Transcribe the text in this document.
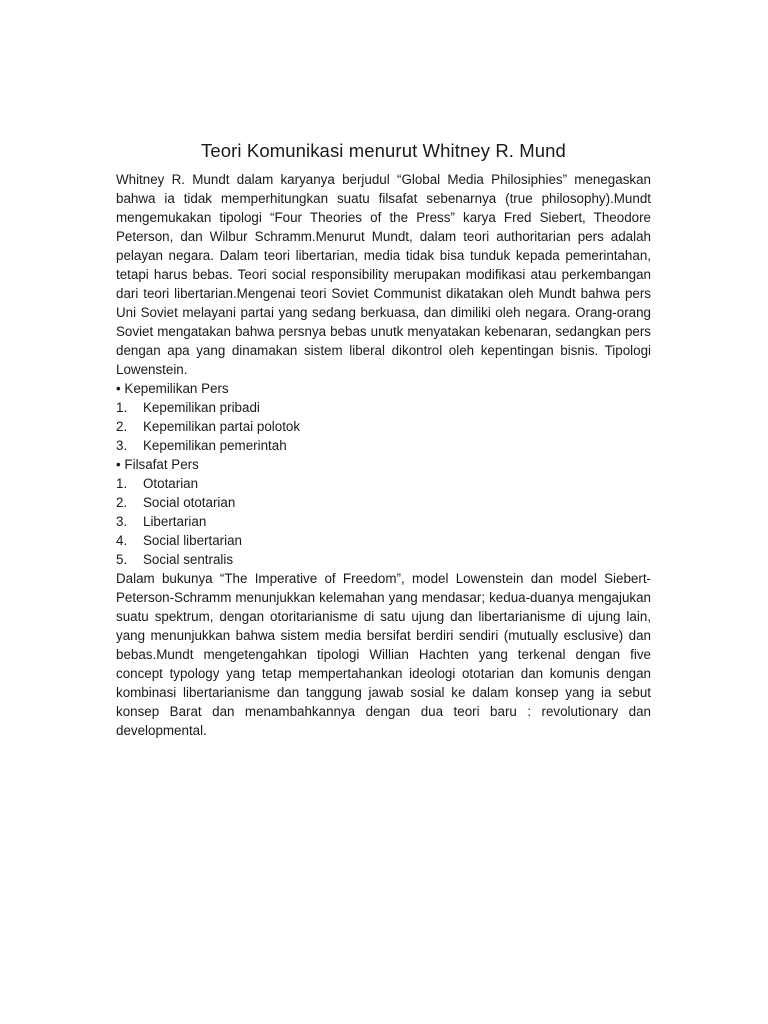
Teori Komunikasi menurut Whitney R. Mund

Whitney R. Mundt dalam karyanya berjudul “Global Media Philosiphies” menegaskan bahwa ia tidak memperhitungkan suatu filsafat sebenarnya (true philosophy).Mundt mengemukakan tipologi “Four Theories of the Press” karya Fred Siebert, Theodore Peterson, dan Wilbur Schramm.Menurut Mundt, dalam teori authoritarian pers adalah pelayan negara. Dalam teori libertarian, media tidak bisa tunduk kepada pemerintahan, tetapi harus bebas. Teori social responsibility merupakan modifikasi atau perkembangan dari teori libertarian.Mengenai teori Soviet Communist dikatakan oleh Mundt bahwa pers Uni Soviet melayani partai yang sedang berkuasa, dan dimiliki oleh negara. Orang-orang Soviet mengatakan bahwa persnya bebas unutk menyatakan kebenaran, sedangkan pers dengan apa yang dinamakan sistem liberal dikontrol oleh kepentingan bisnis. Tipologi Lowenstein.

• Kepemilikan Pers
1. Kepemilikan pribadi
2. Kepemilikan partai polotok
3. Kepemilikan pemerintah
• Filsafat Pers
1. Ototarian
2. Social ototarian
3. Libertarian
4. Social libertarian
5. Social sentralis

Dalam bukunya “The Imperative of Freedom”, model Lowenstein dan model Siebert-Peterson-Schramm menunjukkan kelemahan yang mendasar; kedua-duanya mengajukan suatu spektrum, dengan otoritarianisme di satu ujung dan libertarianisme di ujung lain, yang menunjukkan bahwa sistem media bersifat berdiri sendiri (mutually esclusive) dan bebas.Mundt mengetengahkan tipologi Willian Hachten yang terkenal dengan five concept typology yang tetap mempertahankan ideologi ototarian dan komunis dengan kombinasi libertarianisme dan tanggung jawab sosial ke dalam konsep yang ia sebut konsep Barat dan menambahkannya dengan dua teori baru : revolutionary dan developmental.
